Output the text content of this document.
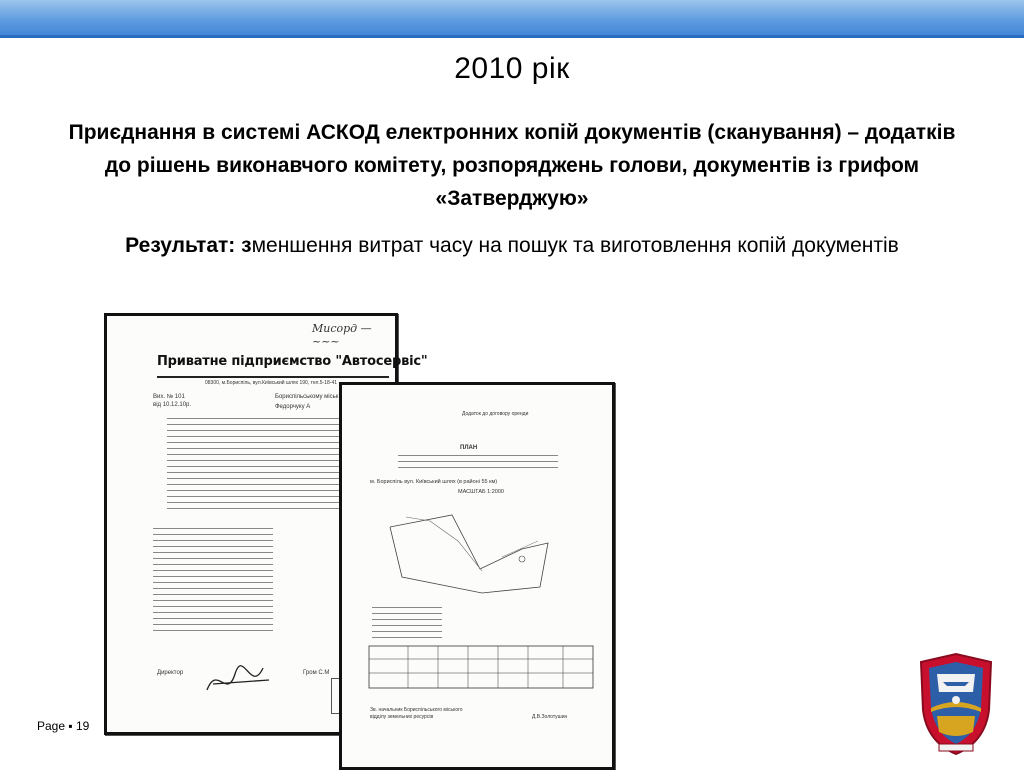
2010 рік
Приєднання в системі АСКОД електронних копій документів (сканування) – додатків до рішень виконавчого комітету, розпоряджень голови, документів із грифом «Затверджую»
Результат: зменшення витрат часу на пошук та виготовлення копій документів
Мисорд — ~~~
Приватне підприємство "Автосервіс"
08300, м.Бориспіль, вул.Київський шлях 190, тел.5-18-41
Вих. № 101
від 10.12.10р.
Бориспільському міськ
Федорчуку А
Директор	Гром С.М
Додаток до договору оренди
ПЛАН
м. Бориспіль вул. Київський шлях (в районі 55 км)
МАСШТАБ 1:2000
Зв. начальник Бориспільського міського
відділу земельних ресурсів	Д.В.Золотушин
Page ▪ 19
